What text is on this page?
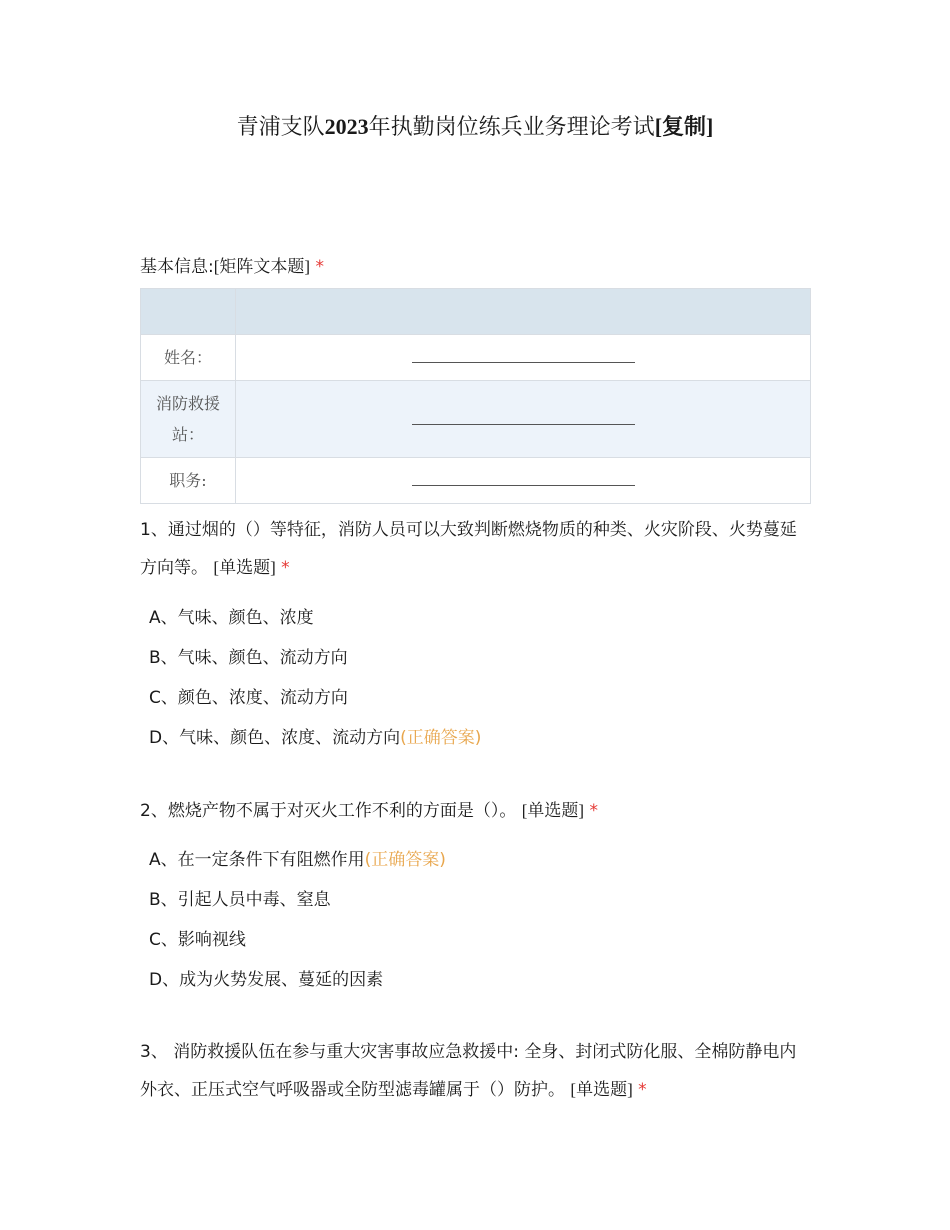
青浦支队2023年执勤岗位练兵业务理论考试[复制]
基本信息:[矩阵文本题] *

姓名：	
消防救援站：	
职务:	
1、通过烟的（）等特征，消防人员可以大致判断燃烧物质的种类、火灾阶段、火势蔓延方向等。 [单选题] *
A、气味、颜色、浓度
B、气味、颜色、流动方向
C、颜色、浓度、流动方向
D、气味、颜色、浓度、流动方向(正确答案)
2、燃烧产物不属于对灭火工作不利的方面是（）。 [单选题] *
A、在一定条件下有阻燃作用(正确答案)
B、引起人员中毒、窒息
C、影响视线
D、成为火势发展、蔓延的因素
3、 消防救援队伍在参与重大灾害事故应急救援中: 全身、封闭式防化服、全棉防静电内外衣、正压式空气呼吸器或全防型滤毒罐属于（）防护。 [单选题] *
